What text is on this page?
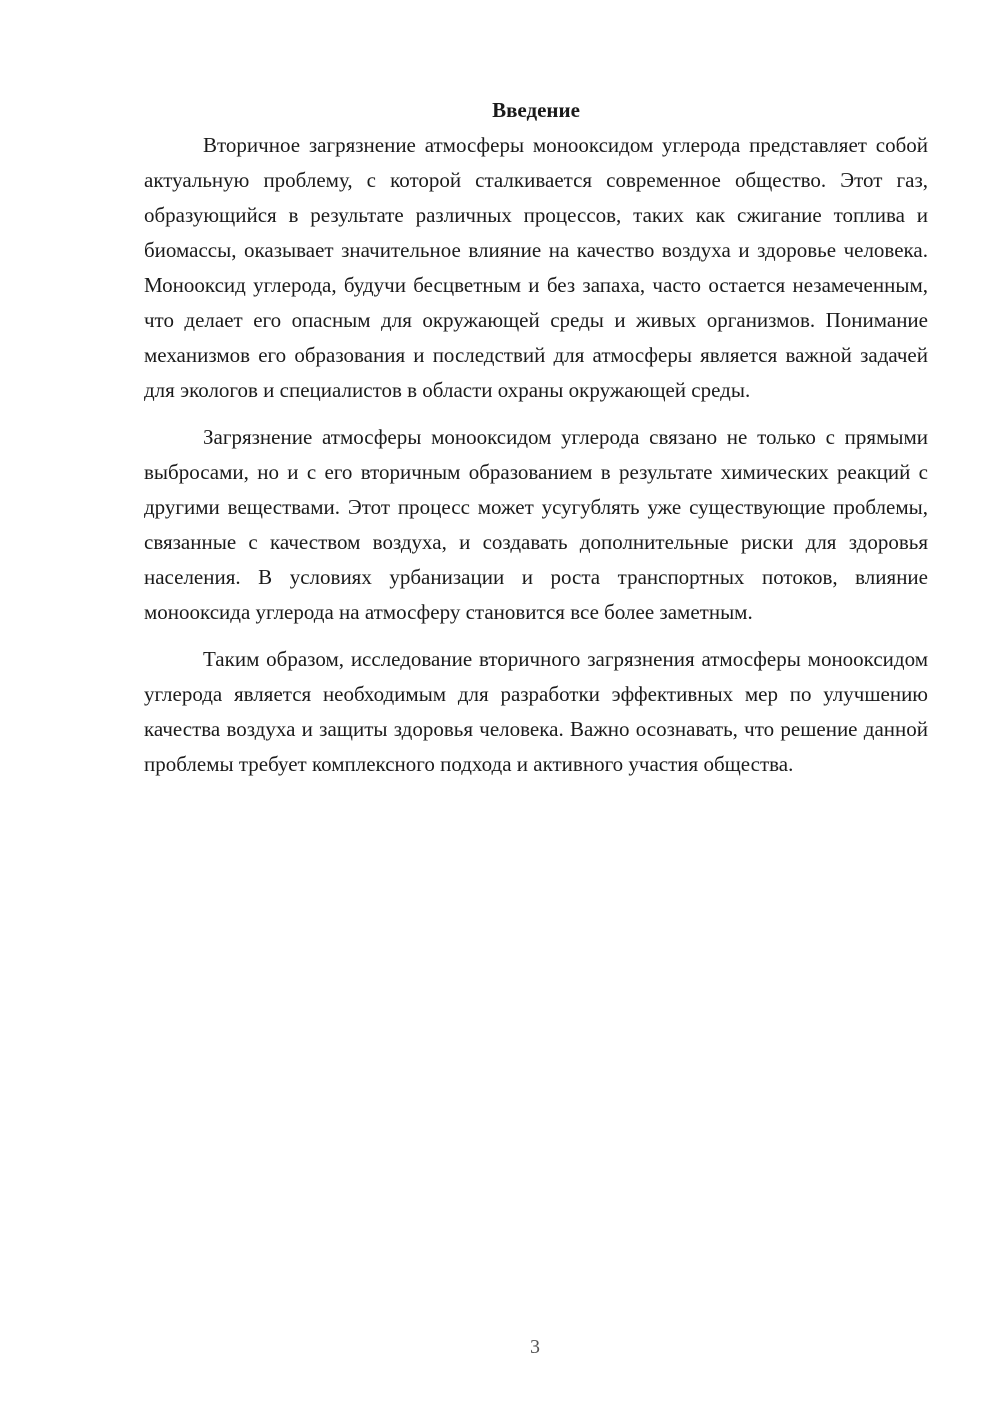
Введение

Вторичное загрязнение атмосферы монооксидом углерода представляет собой актуальную проблему, с которой сталкивается современное общество. Этот газ, образующийся в результате различных процессов, таких как сжигание топлива и биомассы, оказывает значительное влияние на качество воздуха и здоровье человека. Монооксид углерода, будучи бесцветным и без запаха, часто остается незамеченным, что делает его опасным для окружающей среды и живых организмов. Понимание механизмов его образования и последствий для атмосферы является важной задачей для экологов и специалистов в области охраны окружающей среды.

Загрязнение атмосферы монооксидом углерода связано не только с прямыми выбросами, но и с его вторичным образованием в результате химических реакций с другими веществами. Этот процесс может усугублять уже существующие проблемы, связанные с качеством воздуха, и создавать дополнительные риски для здоровья населения. В условиях урбанизации и роста транспортных потоков, влияние монооксида углерода на атмосферу становится все более заметным.

Таким образом, исследование вторичного загрязнения атмосферы монооксидом углерода является необходимым для разработки эффективных мер по улучшению качества воздуха и защиты здоровья человека. Важно осознавать, что решение данной проблемы требует комплексного подхода и активного участия общества.

3
